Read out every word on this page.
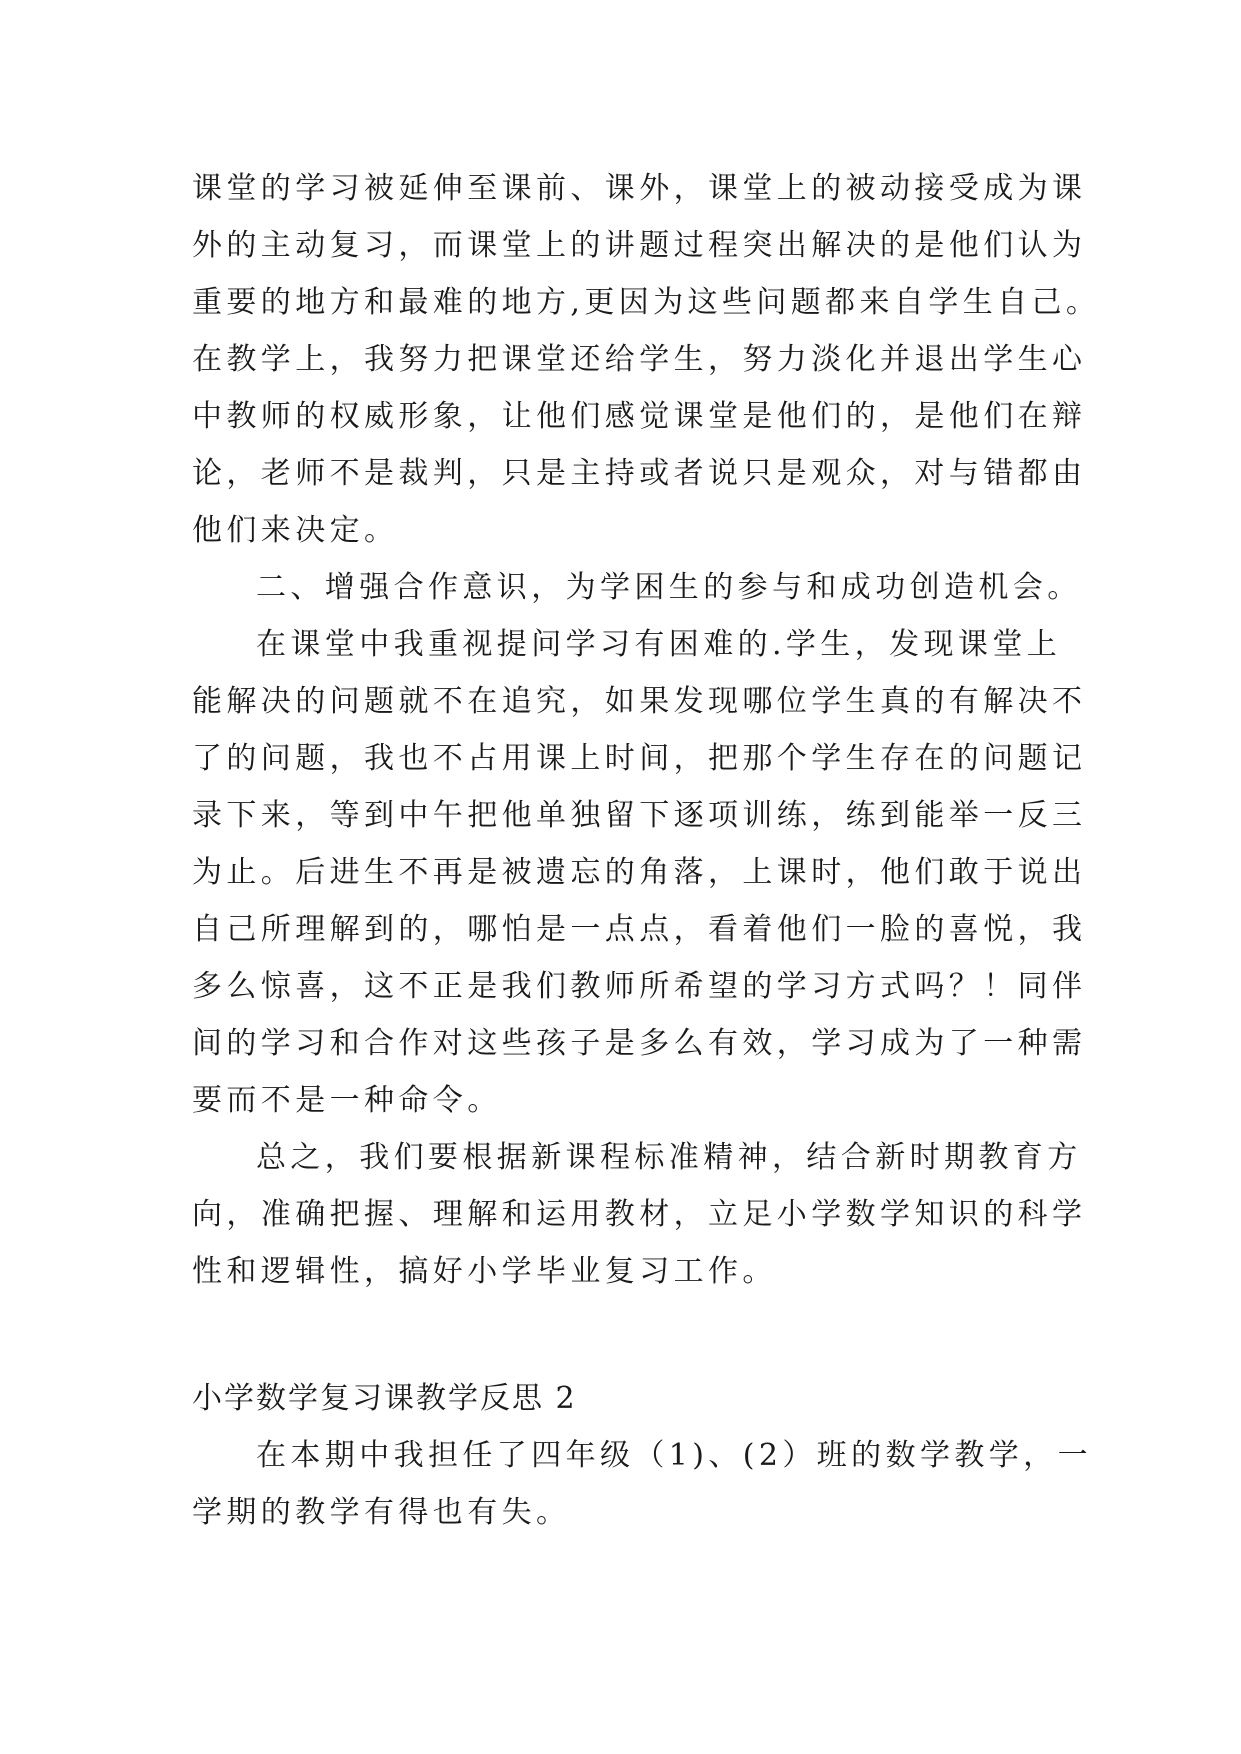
课堂的学习被延伸至课前、课外，课堂上的被动接受成为课
外的主动复习，而课堂上的讲题过程突出解决的是他们认为
重要的地方和最难的地方,更因为这些问题都来自学生自己。
在教学上，我努力把课堂还给学生，努力淡化并退出学生心
中教师的权威形象，让他们感觉课堂是他们的，是他们在辩
论，老师不是裁判，只是主持或者说只是观众，对与错都由
他们来决定。
二、增强合作意识，为学困生的参与和成功创造机会。
在课堂中我重视提问学习有困难的.学生，发现课堂上
能解决的问题就不在追究，如果发现哪位学生真的有解决不
了的问题，我也不占用课上时间，把那个学生存在的问题记
录下来，等到中午把他单独留下逐项训练，练到能举一反三
为止。后进生不再是被遗忘的角落，上课时，他们敢于说出
自己所理解到的，哪怕是一点点，看着他们一脸的喜悦，我
多么惊喜，这不正是我们教师所希望的学习方式吗？！同伴
间的学习和合作对这些孩子是多么有效，学习成为了一种需
要而不是一种命令。
总之，我们要根据新课程标准精神，结合新时期教育方
向，准确把握、理解和运用教材，立足小学数学知识的科学
性和逻辑性，搞好小学毕业复习工作。
小学数学复习课教学反思 2
在本期中我担任了四年级（1)、(2）班的数学教学，一
学期的教学有得也有失。
